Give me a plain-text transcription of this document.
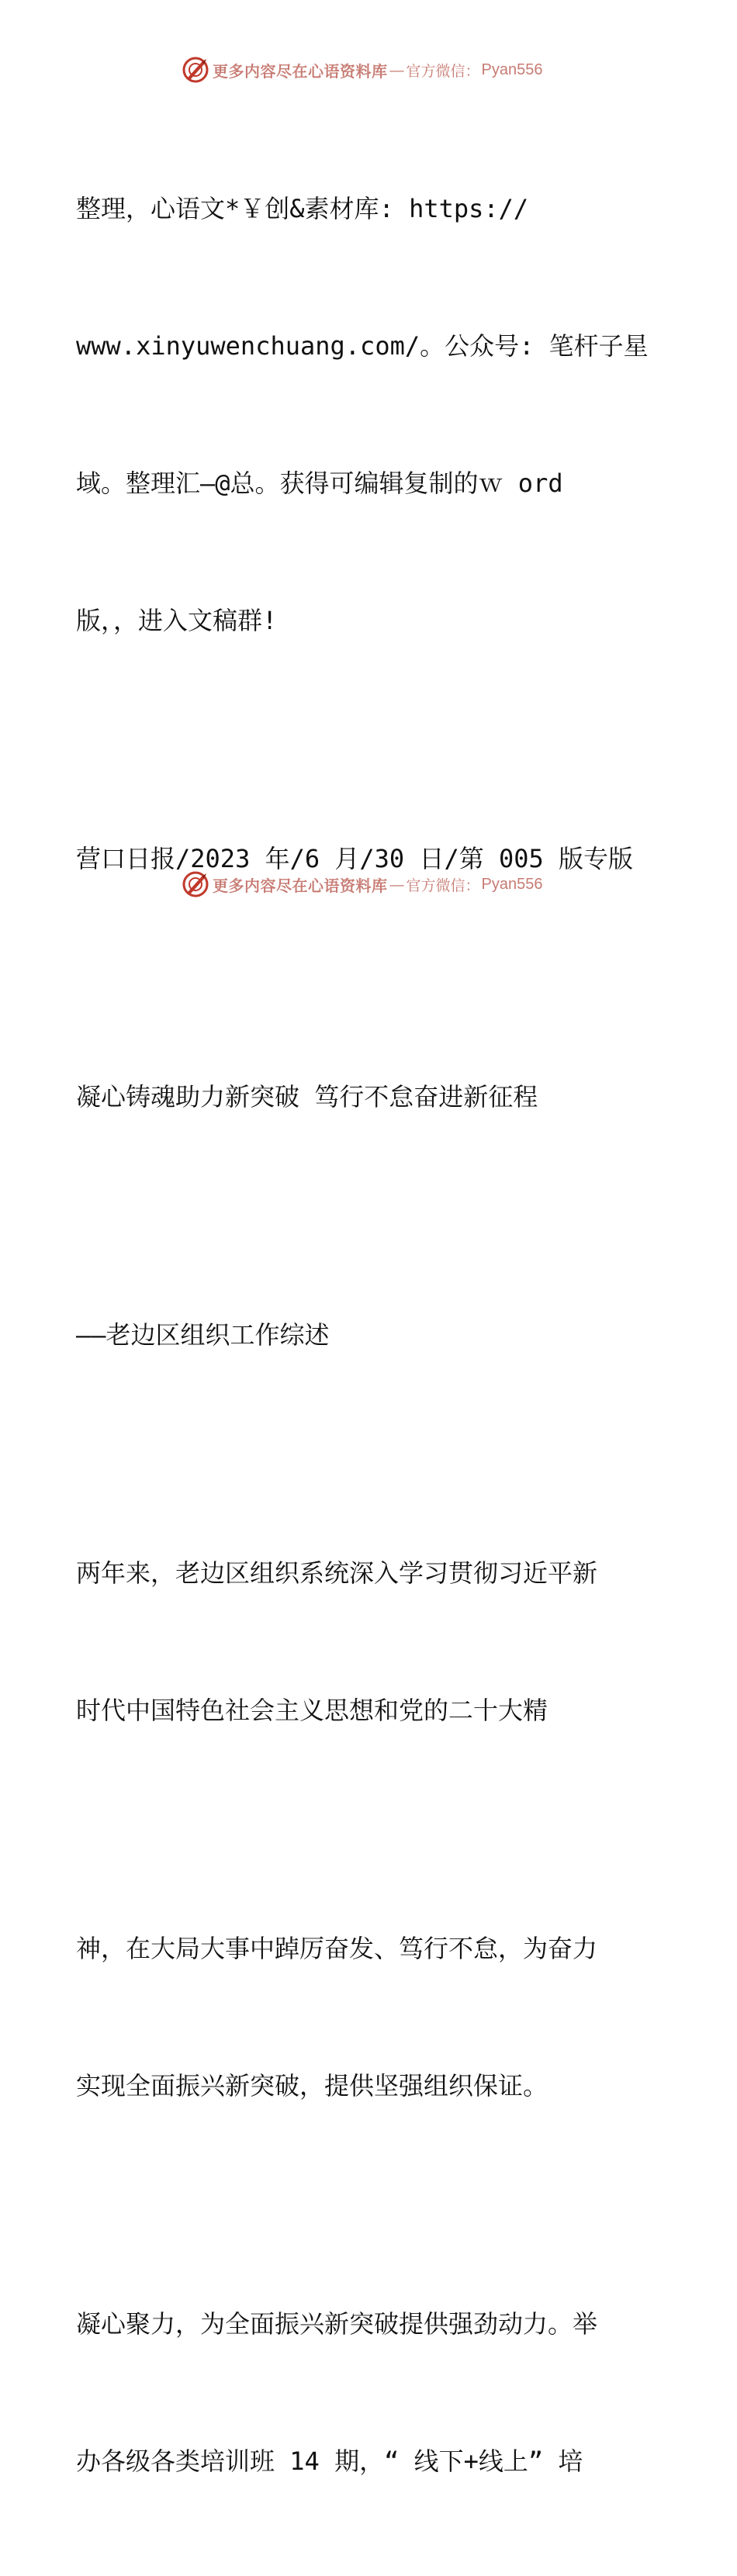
更多内容尽在心语资料库 — 官方微信： Pyan556

整理，心语文*￥创&素材库: https://

www.xinyuwenchuang.com/。公众号: 笔杆子星

域。整理汇—@总。获得可编辑复制的ｗ ord

版，，进入文稿群!

营口日报/2023 年/6 月/30 日/第 005 版专版

凝心铸魂助力新突破 笃行不怠奋进新征程

——老边区组织工作综述

两年来，老边区组织系统深入学习贯彻习近平新

时代中国特色社会主义思想和党的二十大精

神，在大局大事中踔厉奋发、笃行不怠，为奋力

实现全面振兴新突破，提供坚强组织保证。

凝心聚力，为全面振兴新突破提供强劲动力。举

办各级各类培训班 14 期，“ 线下+线上” 培

更多内容尽在心语资料库 — 官方微信： Pyan556
